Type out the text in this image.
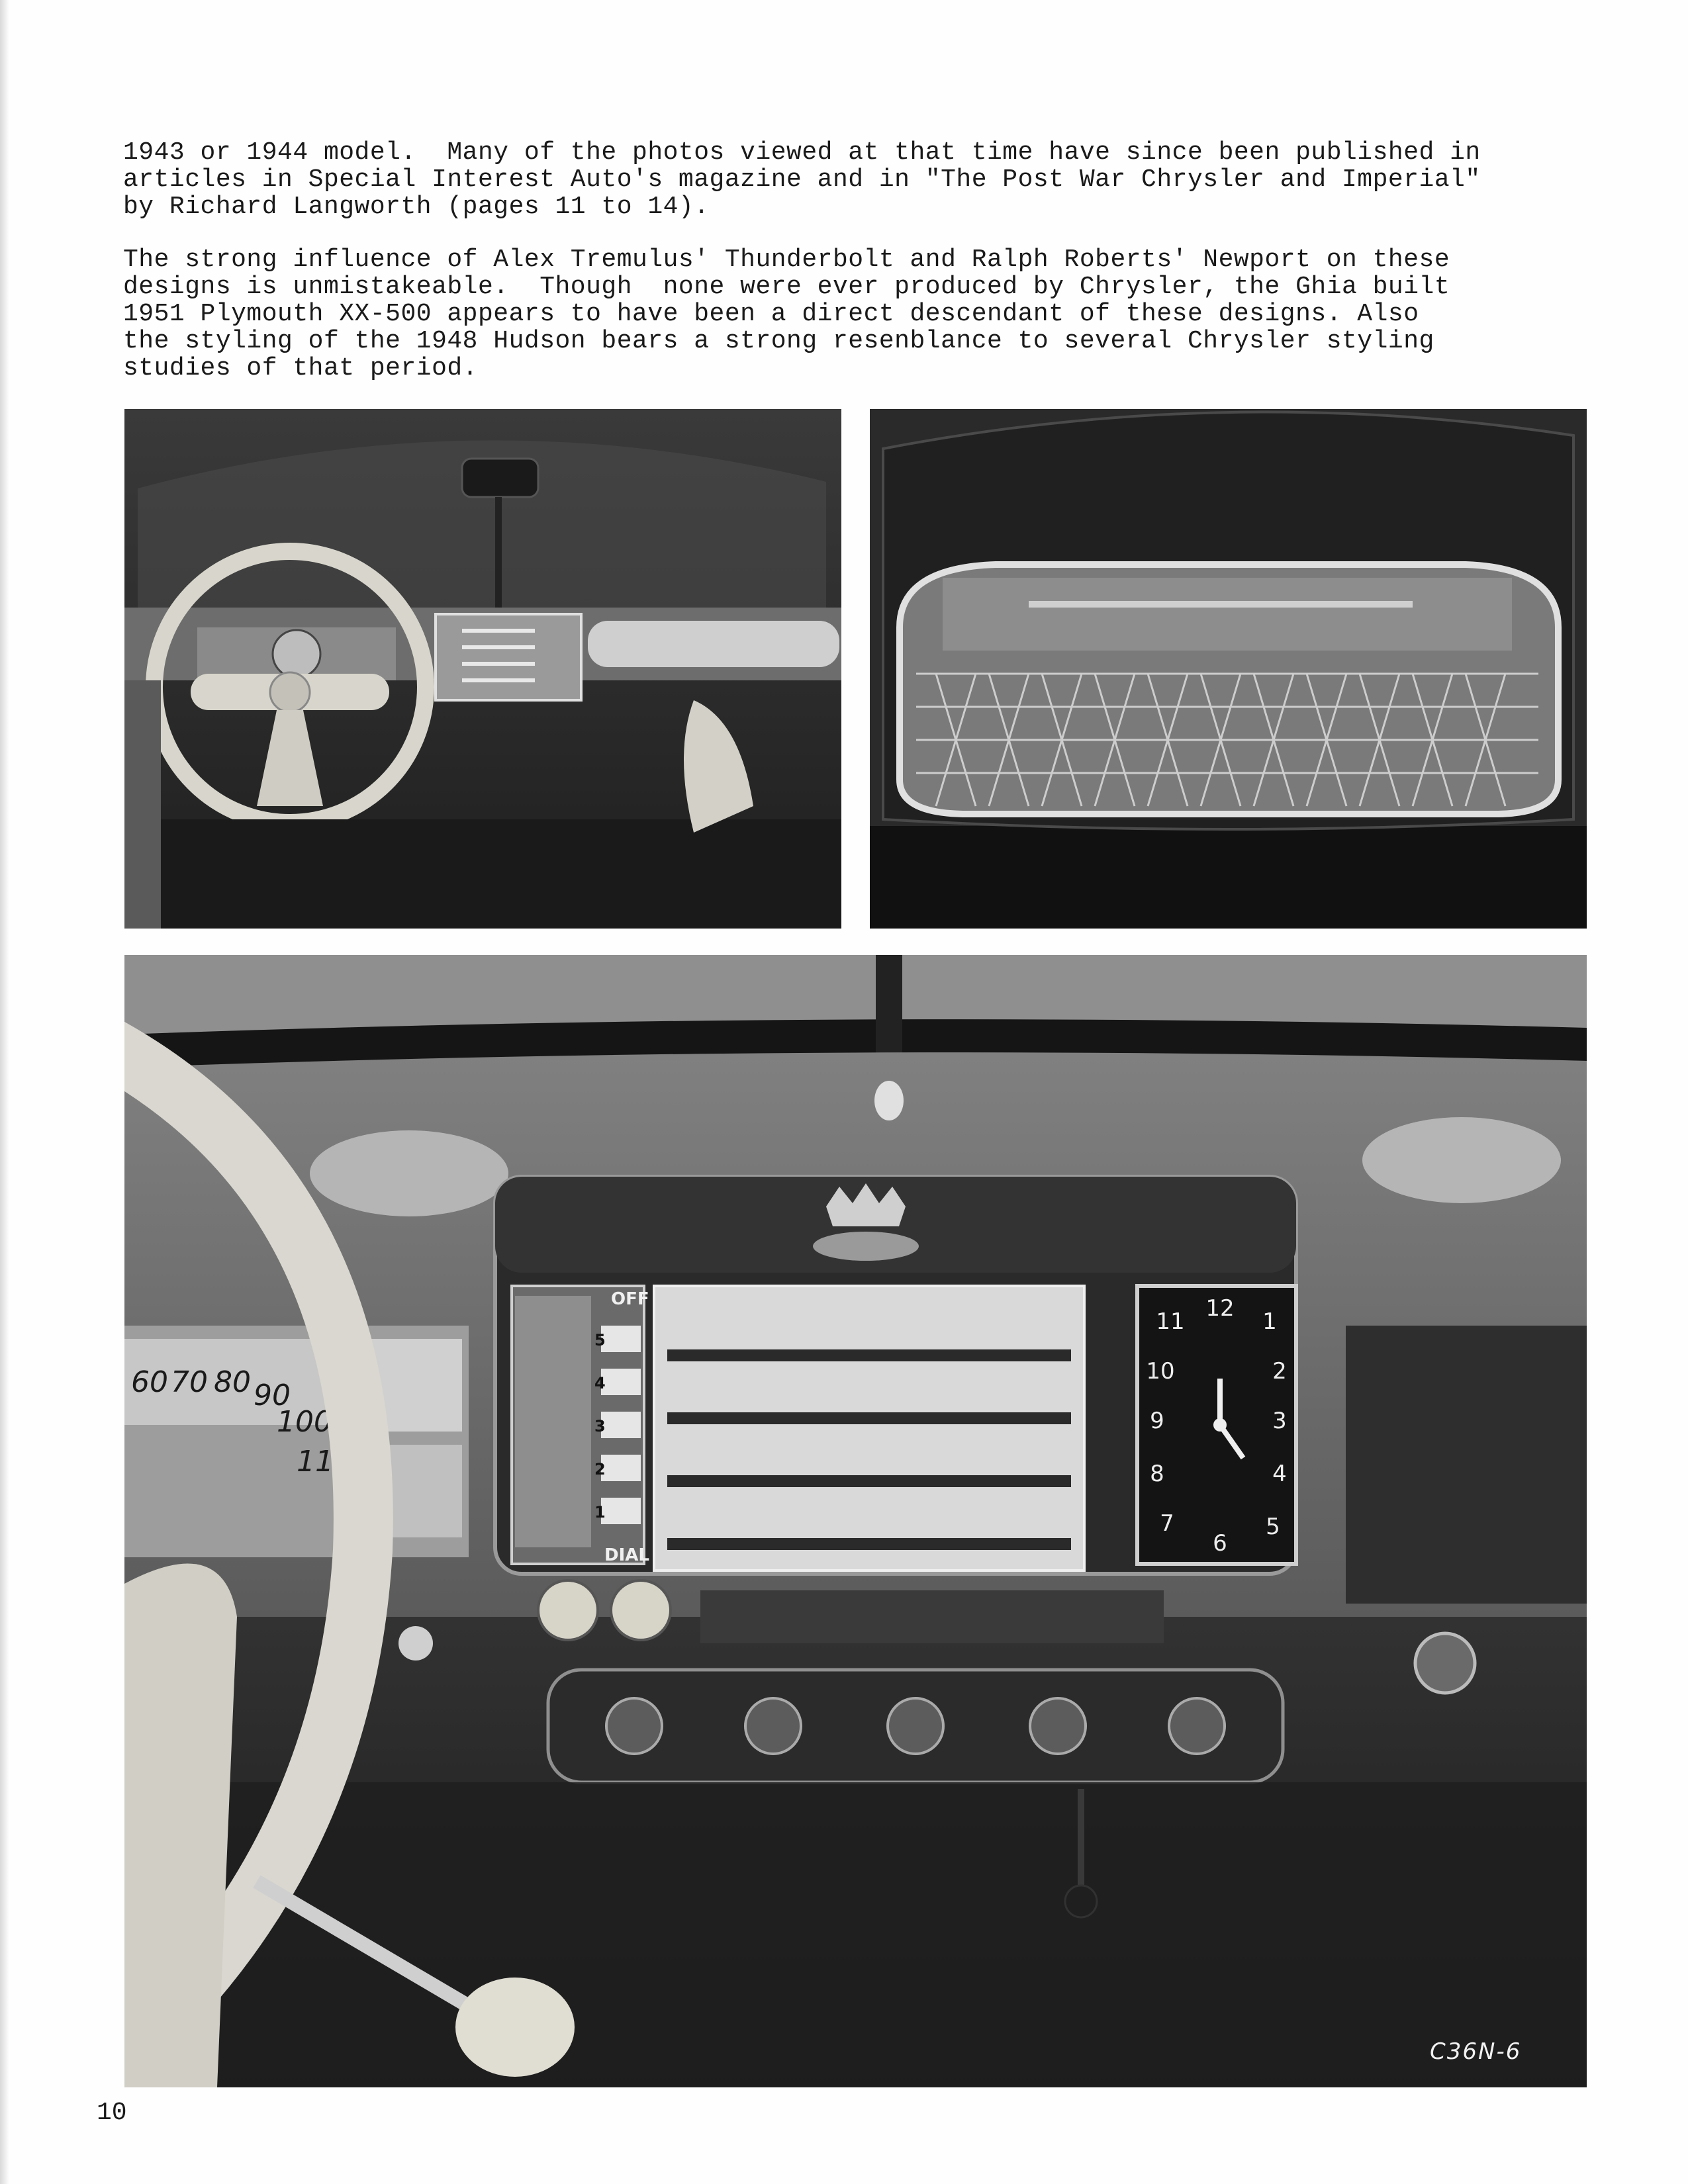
1943 or 1944 model.  Many of the photos viewed at that time have since been published in
articles in Special Interest Auto's magazine and in "The Post War Chrysler and Imperial"
by Richard Langworth (pages 11 to 14).

The strong influence of Alex Tremulus' Thunderbolt and Ralph Roberts' Newport on these
designs is unmistakeable.  Though  none were ever produced by Chrysler, the Ghia built
1951 Plymouth XX-500 appears to have been a direct descendant of these designs. Also
the styling of the 1948 Hudson bears a strong resenblance to several Chrysler styling
studies of that period.

60 70 80 90
100
110
OFF
DIAL
5
4
3
2
1
12 1
2
3
4
5
6
7
8
9
10
11
C36N-6
10
